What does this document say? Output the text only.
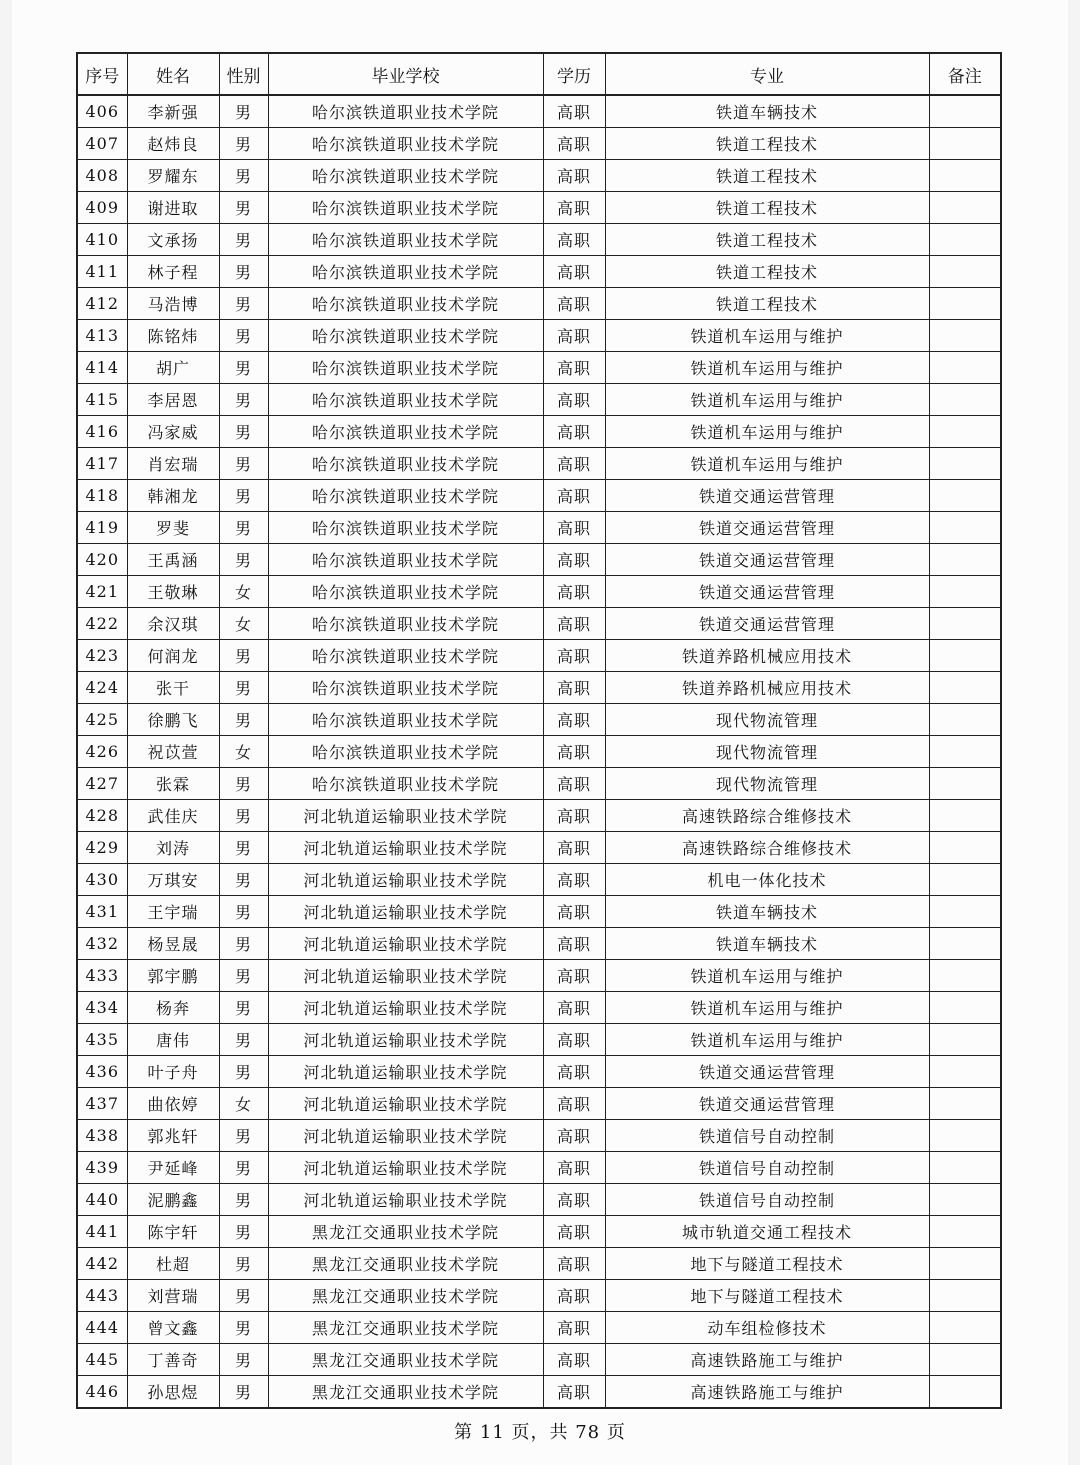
序号	姓名	性别	毕业学校	学历	专业	备注
406	李新强	男	哈尔滨铁道职业技术学院	高职	铁道车辆技术	
407	赵炜良	男	哈尔滨铁道职业技术学院	高职	铁道工程技术	
408	罗耀东	男	哈尔滨铁道职业技术学院	高职	铁道工程技术	
409	谢进取	男	哈尔滨铁道职业技术学院	高职	铁道工程技术	
410	文承扬	男	哈尔滨铁道职业技术学院	高职	铁道工程技术	
411	林子程	男	哈尔滨铁道职业技术学院	高职	铁道工程技术	
412	马浩博	男	哈尔滨铁道职业技术学院	高职	铁道工程技术	
413	陈铭炜	男	哈尔滨铁道职业技术学院	高职	铁道机车运用与维护	
414	胡广	男	哈尔滨铁道职业技术学院	高职	铁道机车运用与维护	
415	李居恩	男	哈尔滨铁道职业技术学院	高职	铁道机车运用与维护	
416	冯家威	男	哈尔滨铁道职业技术学院	高职	铁道机车运用与维护	
417	肖宏瑞	男	哈尔滨铁道职业技术学院	高职	铁道机车运用与维护	
418	韩湘龙	男	哈尔滨铁道职业技术学院	高职	铁道交通运营管理	
419	罗斐	男	哈尔滨铁道职业技术学院	高职	铁道交通运营管理	
420	王禹涵	男	哈尔滨铁道职业技术学院	高职	铁道交通运营管理	
421	王敬琳	女	哈尔滨铁道职业技术学院	高职	铁道交通运营管理	
422	余汉琪	女	哈尔滨铁道职业技术学院	高职	铁道交通运营管理	
423	何润龙	男	哈尔滨铁道职业技术学院	高职	铁道养路机械应用技术	
424	张干	男	哈尔滨铁道职业技术学院	高职	铁道养路机械应用技术	
425	徐鹏飞	男	哈尔滨铁道职业技术学院	高职	现代物流管理	
426	祝苡萱	女	哈尔滨铁道职业技术学院	高职	现代物流管理	
427	张霖	男	哈尔滨铁道职业技术学院	高职	现代物流管理	
428	武佳庆	男	河北轨道运输职业技术学院	高职	高速铁路综合维修技术	
429	刘涛	男	河北轨道运输职业技术学院	高职	高速铁路综合维修技术	
430	万琪安	男	河北轨道运输职业技术学院	高职	机电一体化技术	
431	王宇瑞	男	河北轨道运输职业技术学院	高职	铁道车辆技术	
432	杨昱晟	男	河北轨道运输职业技术学院	高职	铁道车辆技术	
433	郭宇鹏	男	河北轨道运输职业技术学院	高职	铁道机车运用与维护	
434	杨奔	男	河北轨道运输职业技术学院	高职	铁道机车运用与维护	
435	唐伟	男	河北轨道运输职业技术学院	高职	铁道机车运用与维护	
436	叶子舟	男	河北轨道运输职业技术学院	高职	铁道交通运营管理	
437	曲依婷	女	河北轨道运输职业技术学院	高职	铁道交通运营管理	
438	郭兆轩	男	河北轨道运输职业技术学院	高职	铁道信号自动控制	
439	尹延峰	男	河北轨道运输职业技术学院	高职	铁道信号自动控制	
440	泥鹏鑫	男	河北轨道运输职业技术学院	高职	铁道信号自动控制	
441	陈宇轩	男	黑龙江交通职业技术学院	高职	城市轨道交通工程技术	
442	杜超	男	黑龙江交通职业技术学院	高职	地下与隧道工程技术	
443	刘营瑞	男	黑龙江交通职业技术学院	高职	地下与隧道工程技术	
444	曾文鑫	男	黑龙江交通职业技术学院	高职	动车组检修技术	
445	丁善奇	男	黑龙江交通职业技术学院	高职	高速铁路施工与维护	
446	孙思煜	男	黑龙江交通职业技术学院	高职	高速铁路施工与维护	
第 11 页，共 78 页
